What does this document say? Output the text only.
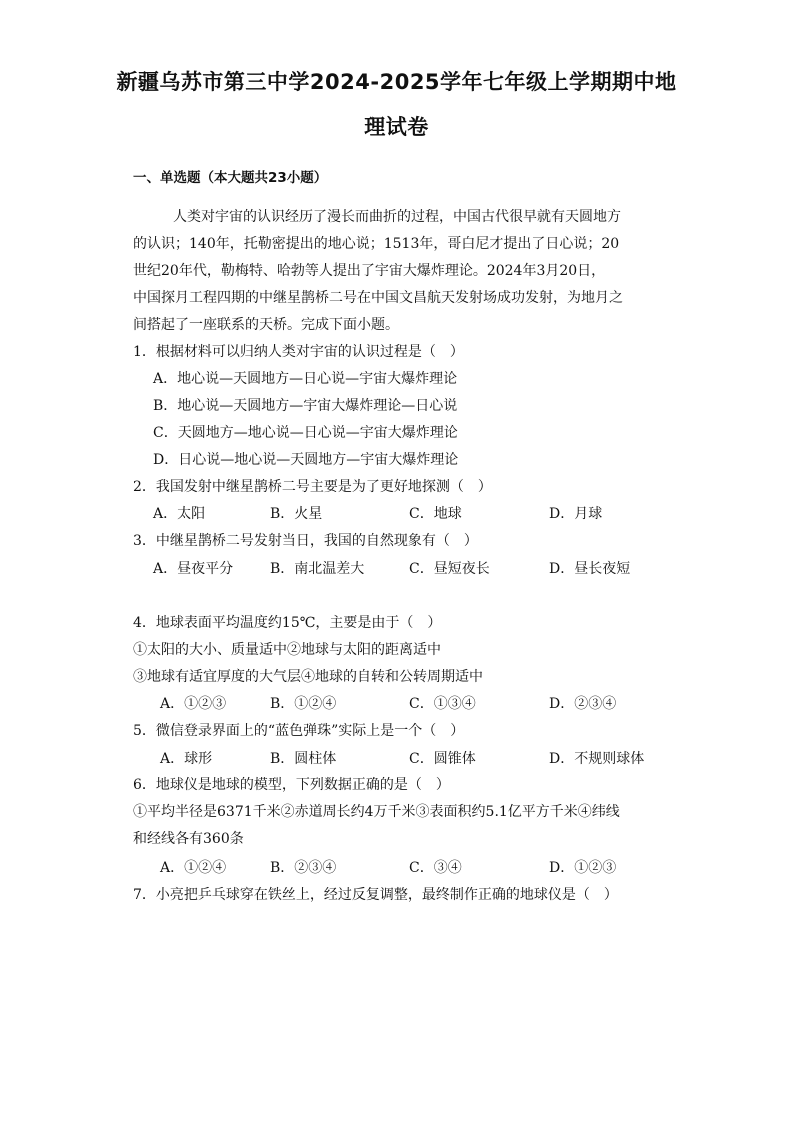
新疆乌苏市第三中学2024-2025学年七年级上学期期中地
理试卷
一、单选题（本大题共23小题）
人类对宇宙的认识经历了漫长而曲折的过程，中国古代很早就有天圆地方
的认识；140年，托勒密提出的地心说；1513年，哥白尼才提出了日心说；20
世纪20年代，勒梅特、哈勃等人提出了宇宙大爆炸理论。2024年3月20日，
中国探月工程四期的中继星鹊桥二号在中国文昌航天发射场成功发射，为地月之
间搭起了一座联系的天桥。完成下面小题。
1．根据材料可以归纳人类对宇宙的认识过程是（　）
A．地心说—天圆地方—日心说—宇宙大爆炸理论
B．地心说—天圆地方—宇宙大爆炸理论—日心说
C．天圆地方—地心说—日心说—宇宙大爆炸理论
D．日心说—地心说—天圆地方—宇宙大爆炸理论
2．我国发射中继星鹊桥二号主要是为了更好地探测（　）
A．太阳	B．火星	C．地球	D．月球
3．中继星鹊桥二号发射当日，我国的自然现象有（　）
A．昼夜平分	B．南北温差大	C．昼短夜长	D．昼长夜短
4．地球表面平均温度约15℃，主要是由于（　）
①太阳的大小、质量适中②地球与太阳的距离适中
③地球有适宜厚度的大气层④地球的自转和公转周期适中
A．①②③	B．①②④	C．①③④	D．②③④
5．微信登录界面上的“蓝色弹珠”实际上是一个（　）
A．球形	B．圆柱体	C．圆锥体	D．不规则球体
6．地球仪是地球的模型，下列数据正确的是（　）
①平均半径是6371千米②赤道周长约4万千米③表面积约5.1亿平方千米④纬线
和经线各有360条
A．①②④	B．②③④	C．③④	D．①②③
7．小亮把乒乓球穿在铁丝上，经过反复调整，最终制作正确的地球仪是（　）
